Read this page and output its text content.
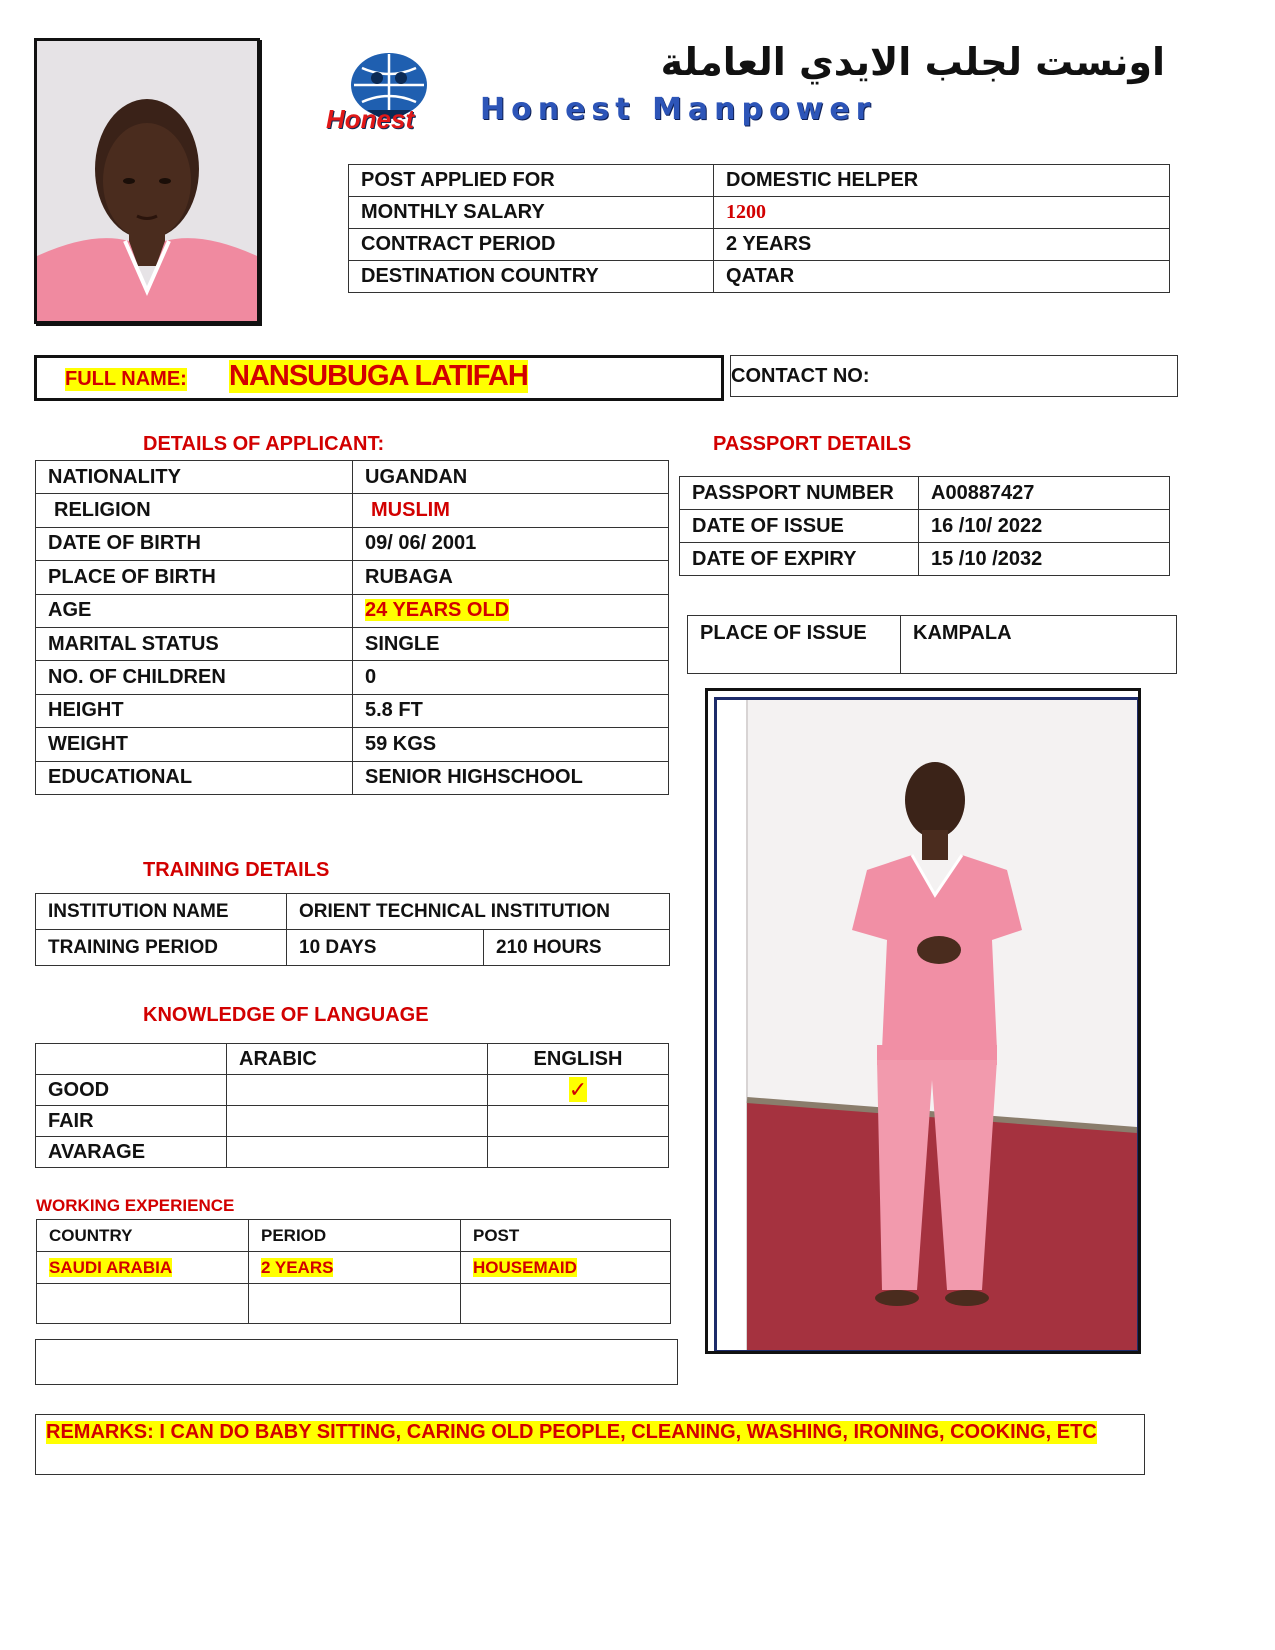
Honest
اونست لجلب الايدي العاملة
Honest Manpower
POST APPLIED FOR	DOMESTIC HELPER
MONTHLY SALARY	1200
CONTRACT PERIOD	2 YEARS
DESTINATION COUNTRY	QATAR
FULL NAME: NANSUBUGA LATIFAH	CONTACT NO:
DETAILS OF APPLICANT:
NATIONALITY	UGANDAN
RELIGION	MUSLIM
DATE OF BIRTH	09/ 06/ 2001
PLACE OF BIRTH	RUBAGA
AGE	24 YEARS OLD
MARITAL STATUS	SINGLE
NO. OF CHILDREN	0
HEIGHT	5.8 FT
WEIGHT	59 KGS
EDUCATIONAL	SENIOR HIGHSCHOOL
PASSPORT DETAILS
PASSPORT NUMBER	A00887427
DATE OF ISSUE	16 /10/ 2022
DATE OF EXPIRY	15 /10 /2032
PLACE OF ISSUE	KAMPALA
TRAINING DETAILS
INSTITUTION NAME	ORIENT TECHNICAL INSTITUTION	
TRAINING PERIOD	10 DAYS	210 HOURS
KNOWLEDGE OF LANGUAGE
	ARABIC	ENGLISH
GOOD		✓
FAIR		
AVARAGE		
WORKING EXPERIENCE
COUNTRY	PERIOD	POST
SAUDI ARABIA	2 YEARS	HOUSEMAID

REMARKS: I CAN DO BABY SITTING, CARING OLD PEOPLE, CLEANING, WASHING, IRONING, COOKING, ETC
